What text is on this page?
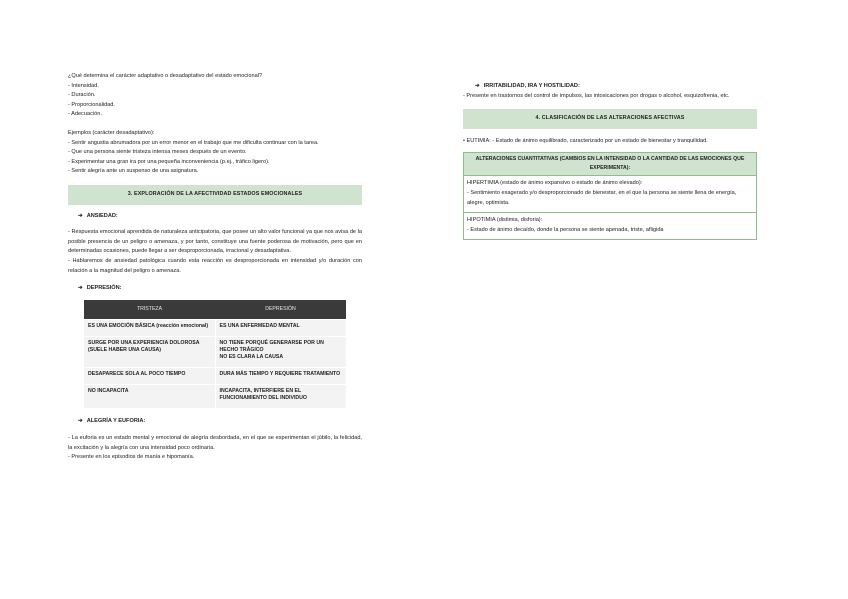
¿Qué determina el carácter adaptativo o desadaptativo del estado emocional?

- Intensidad.

- Duración.

- Proporcionalidad.

- Adecuación.

Ejemplos (carácter desadaptativo):

- Sentir angustia abrumadora por un error menor en el trabajo que me dificulta continuar con la tarea.

- Que una persona siente tristeza intensa meses después de un evento.

- Experimentar una gran ira por una pequeña inconveniencia (p.ej., tráfico ligero).

- Sentir alegría ante un suspenso de una asignatura.

3. EXPLORACIÓN DE LA AFECTIVIDAD ESTADOS EMOCIONALES

➔ ANSIEDAD:

- Respuesta emocional aprendida de naturaleza anticipatoria, que posee un alto valor funcional ya que nos avisa de la posible presencia de un peligro o amenaza, y por tanto, constituye una fuente poderosa de motivación, pero que en determinadas ocasiones, puede llegar a ser desproporcionada, irracional y desadaptativa.

- Hablaremos de ansiedad patológica cuando esta reacción es desproporcionada en intensidad y/o duración con relación a la magnitud del peligro o amenaza.

➔ DEPRESIÓN:

TRISTEZA	DEPRESIÓN
ES UNA EMOCIÓN BÁSICA (reacción emocional)	ES UNA ENFERMEDAD MENTAL
SURGE POR UNA EXPERIENCIA DOLOROSA (SUELE HABER UNA CAUSA)	NO TIENE PORQUÉ GENERARSE POR UN HECHO TRÁGICO
NO ES CLARA LA CAUSA
DESAPARECE SOLA AL POCO TIEMPO	DURA MÁS TIEMPO Y REQUIERE TRATAMIENTO
NO INCAPACITA	INCAPACITA, INTERFIERE EN EL FUNCIONAMIENTO DEL INDIVIDUO

➔ ALEGRÍA Y EUFORIA:

- La euforia es un estado mental y emocional de alegría desbordada, en el que se experimentan el júbilo, la felicidad, la excitación y la alegría con una intensidad poco ordinaria.

- Presente en los episodios de manía e hipomanía.

➔ IRRITABILIDAD, IRA Y HOSTILIDAD:

- Presente en trastornos del control de impulsos, las intoxicaciones por drogas o alcohol, esquizofrenia, etc.

4. CLASIFICACIÓN DE LAS ALTERACIONES AFECTIVAS

• EUTIMIA: - Estado de ánimo equilibrado, caracterizado por un estado de bienestar y tranquilidad.

ALTERACIONES CUANTITATIVAS (CAMBIOS EN LA INTENSIDAD O LA CANTIDAD DE LAS EMOCIONES QUE EXPERIMENTA):

HIPERTIMIA (estado de ánimo expansivo o estado de ánimo elevado):

- Sentimiento exagerado y/o desproporcionado de bienestar, en el que la persona se siente llena de energía, alegre, optimista.

HIPOTIMIA (distimia, disforia):

- Estado de ánimo decaído, donde la persona se siente apenada, triste, afligida
